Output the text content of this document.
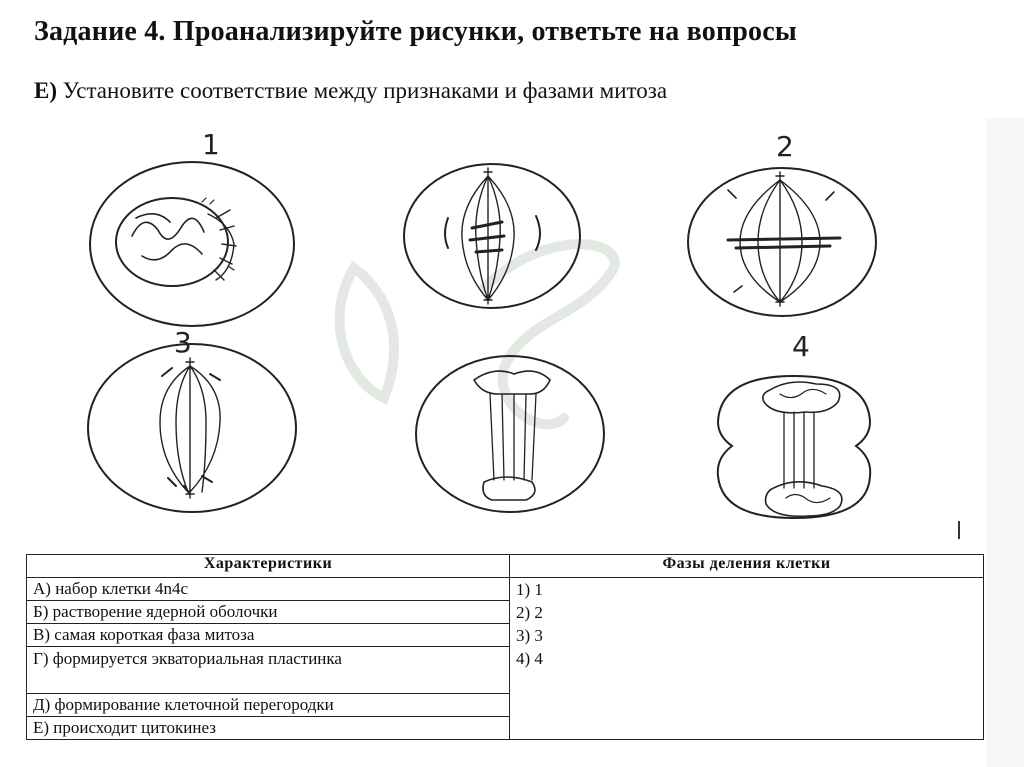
Задание 4. Проанализируйте рисунки, ответьте на вопросы

Е) Установите соответствие между признаками и фазами митоза

1	2
3	4
Характеристики	Фазы деления клетки
А) набор клетки 4n4c	1) 1
2) 2
3) 3
4) 4

Б) растворение ядерной оболочки	
В) самая короткая фаза митоза	
Г) формируется экваториальная пластинка	
Д) формирование клеточной перегородки	
Е) происходит цитокинез	
